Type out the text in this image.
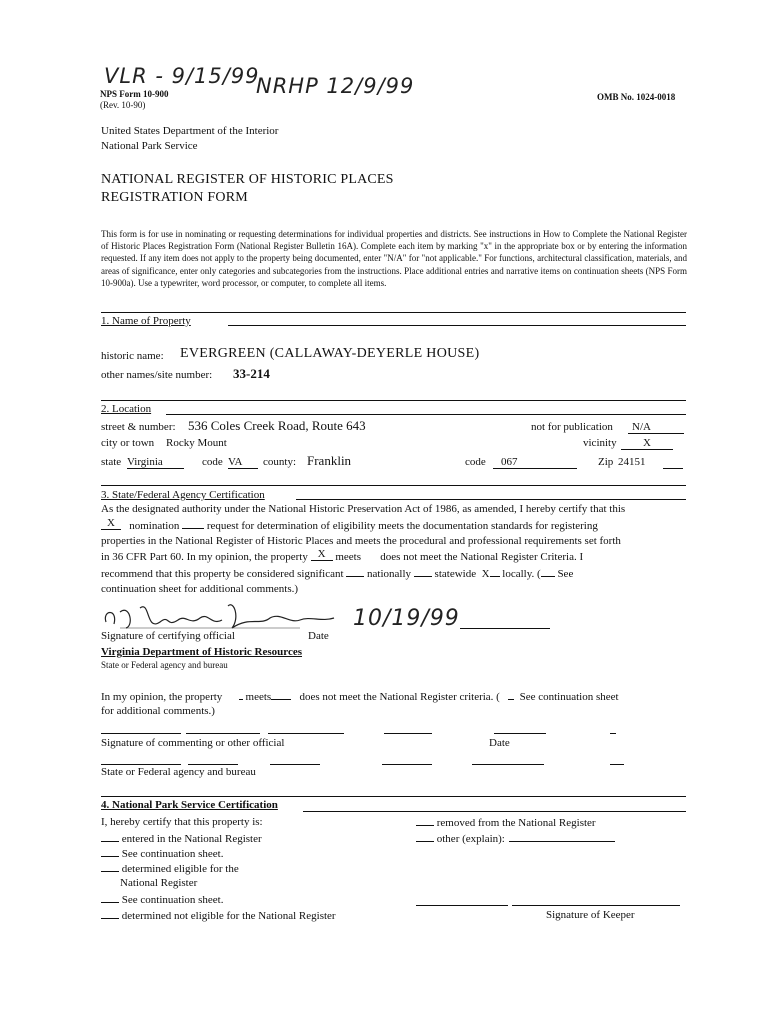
VLR - 9/15/99
NRHP 12/9/99
NPS Form 10-900
(Rev. 10-90)
OMB No. 1024-0018
United States Department of the Interior
National Park Service
NATIONAL REGISTER OF HISTORIC PLACES
REGISTRATION FORM
This form is for use in nominating or requesting determinations for individual properties and districts. See instructions in How to Complete the National Register of Historic Places Registration Form (National Register Bulletin 16A). Complete each item by marking "x" in the appropriate box or by entering the information requested. If any item does not apply to the property being documented, enter "N/A" for "not applicable." For functions, architectural classification, materials, and areas of significance, enter only categories and subcategories from the instructions. Place additional entries and narrative items on continuation sheets (NPS Form 10-900a). Use a typewriter, word processor, or computer, to complete all items.
1. Name of Property
historic name: EVERGREEN (CALLAWAY-DEYERLE HOUSE)
other names/site number: 33-214
2. Location
street & number: 536 Coles Creek Road, Route 643	not for publication	N/A
city or town Rocky Mount	vicinity	X
state Virginia	code VA	county: Franklin	code	067	Zip 24151
3. State/Federal Agency Certification
As the designated authority under the National Historic Preservation Act of 1986, as amended, I hereby certify that this
X nomination	request for determination of eligibility meets the documentation standards for registering
properties in the National Register of Historic Places and meets the procedural and professional requirements set forth
in 36 CFR Part 60. In my opinion, the property X meets does not meet the National Register Criteria. I
recommend that this property be considered significant nationally statewide X locally. ( See
continuation sheet for additional comments.)
10/19/99
Signature of certifying official	Date
Virginia Department of Historic Resources
State or Federal agency and bureau
In my opinion, the property meets	does not meet the National Register criteria. ( See continuation sheet
for additional comments.)
Signature of commenting or other official	Date
State or Federal agency and bureau
4. National Park Service Certification
I, hereby certify that this property is:
entered in the National Register
See continuation sheet.
determined eligible for the
National Register
See continuation sheet.
determined not eligible for the National Register
removed from the National Register
other (explain):
Signature of Keeper
